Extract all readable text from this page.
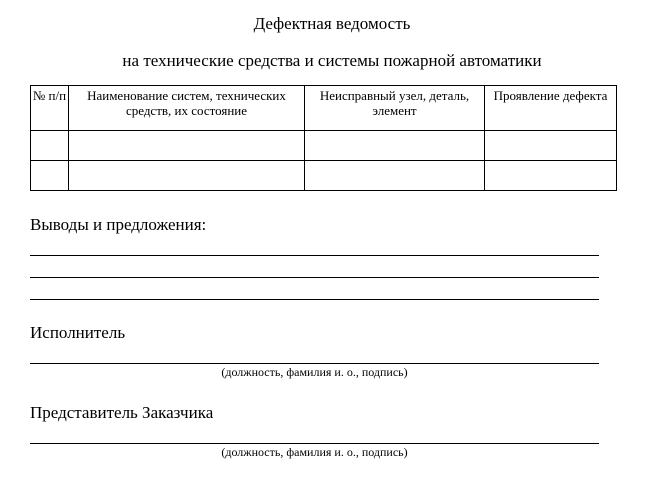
Дефектная ведомость
на технические средства и системы пожарной автоматики
№ п/п	Наименование систем, технических средств, их состояние	Неисправный узел, деталь, элемент	Проявление дефекта

Выводы и предложения:
Исполнитель
(должность, фамилия и. о., подпись)
Представитель Заказчика
(должность, фамилия и. о., подпись)
